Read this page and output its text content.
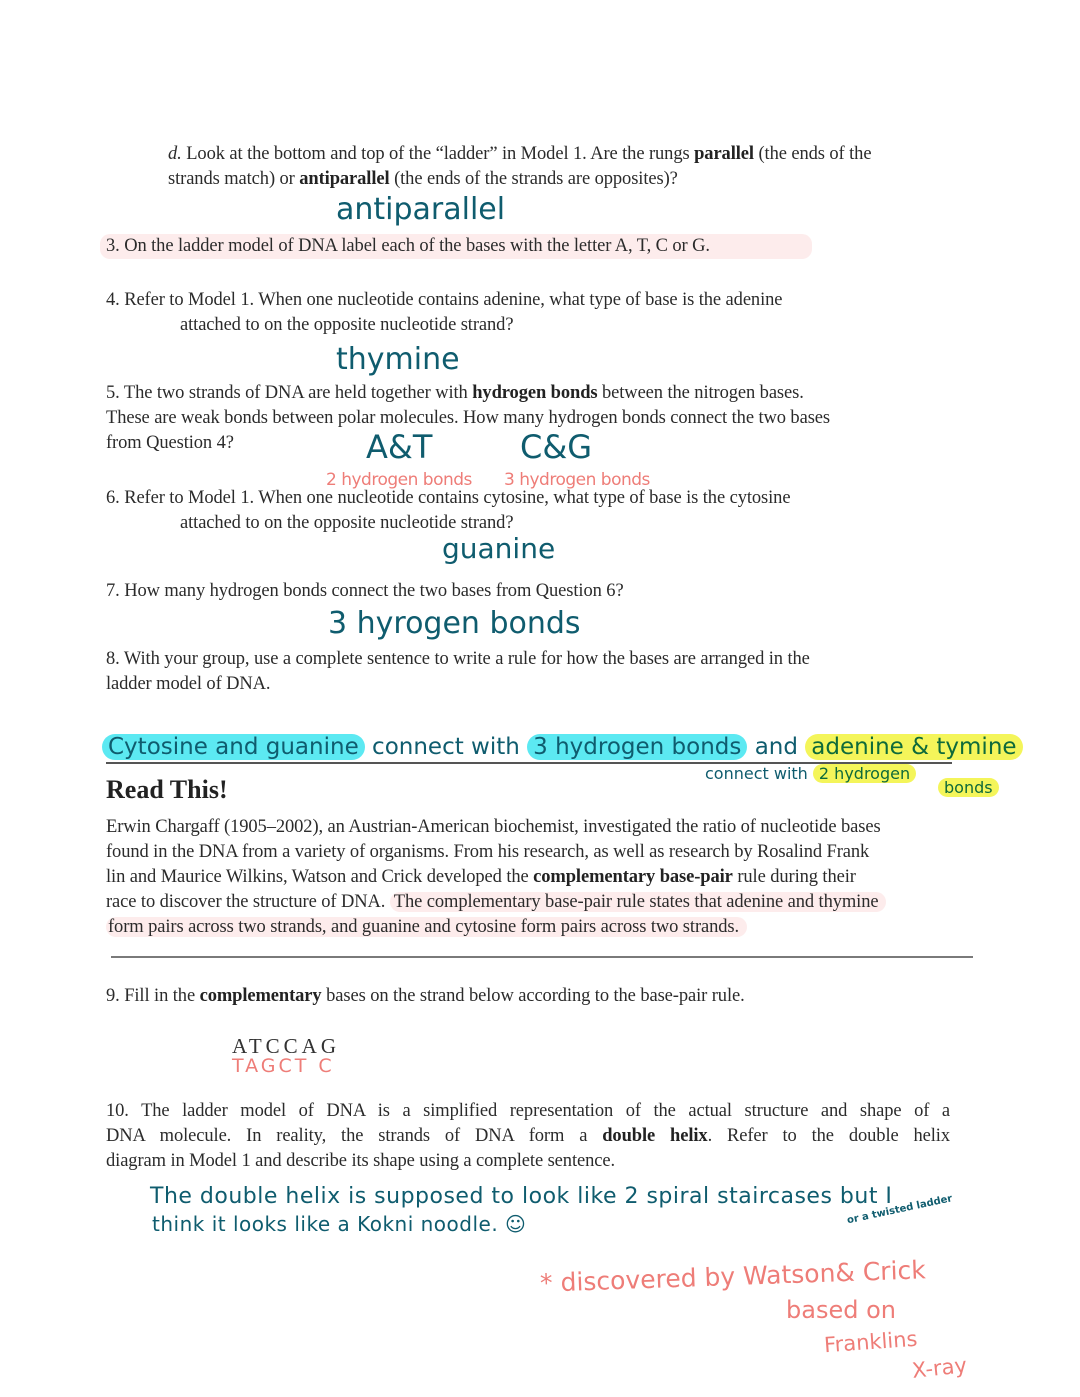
d. Look at the bottom and top of the “ladder” in Model 1. Are the rungs parallel (the ends of the
strands match) or antiparallel (the ends of the strands are opposites)?
antiparallel
3. On the ladder model of DNA label each of the bases with the letter A, T, C or G.
4. Refer to Model 1. When one nucleotide contains adenine, what type of base is the adenine
attached to on the opposite nucleotide strand?
thymine
5. The two strands of DNA are held together with hydrogen bonds between the nitrogen bases.
These are weak bonds between polar molecules. How many hydrogen bonds connect the two bases
from Question 4?	A&T	C&G
2 hydrogen bonds 3 hydrogen bonds
6. Refer to Model 1. When one nucleotide contains cytosine, what type of base is the cytosine
attached to on the opposite nucleotide strand?
guanine
7. How many hydrogen bonds connect the two bases from Question 6?
3 hyrogen bonds
8. With your group, use a complete sentence to write a rule for how the bases are arranged in the
ladder model of DNA.
Cytosine and guanine connect with 3 hydrogen bonds and adenine & tymine
connect with 2 hydrogen
bonds
Read This!
Erwin Chargaff (1905–2002), an Austrian-American biochemist, investigated the ratio of nucleotide bases
found in the DNA from a variety of organisms. From his research, as well as research by Rosalind Frank
lin and Maurice Wilkins, Watson and Crick developed the complementary base-pair rule during their
race to discover the structure of DNA. The complementary base-pair rule states that adenine and thymine
form pairs across two strands, and guanine and cytosine form pairs across two strands.
9. Fill in the complementary bases on the strand below according to the base-pair rule.
ATCCAG
TAGCT C
10. The ladder model of DNA is a simplified representation of the actual structure and shape of a
DNA molecule. In reality, the strands of DNA form a double helix. Refer to the double helix
diagram in Model 1 and describe its shape using a complete sentence.
The double helix is supposed to look like 2 spiral staircases but I
think it looks like a Kokni noodle. ☺	or a twisted ladder
* discovered by Watson& Crick
based on
Franklins
X-ray
